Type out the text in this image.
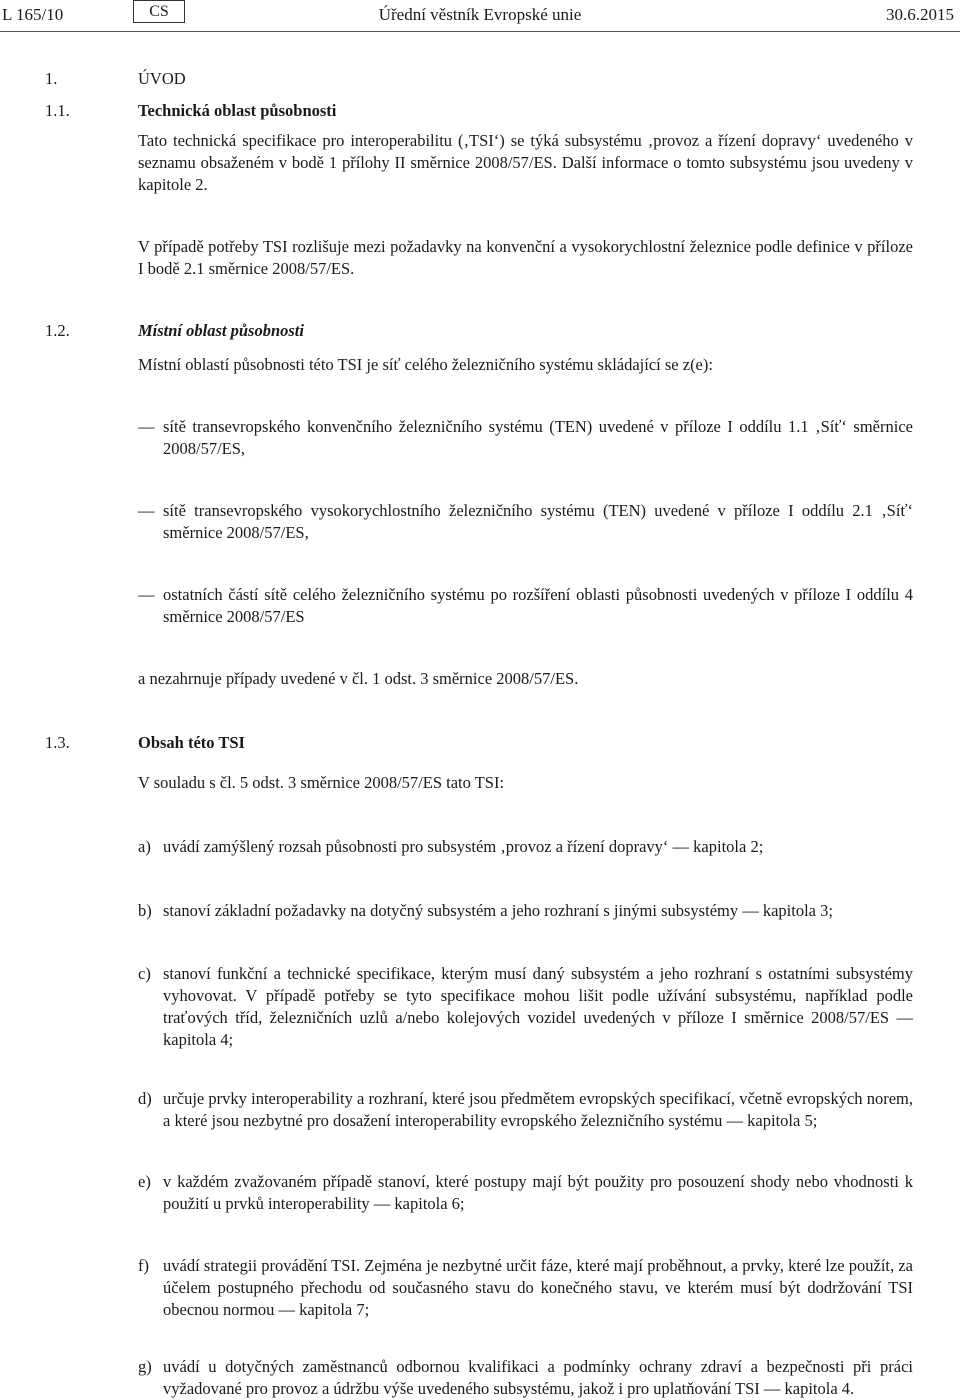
L 165/10	CS	Úřední věstník Evropské unie	30.6.2015
1.	ÚVOD
1.1.	Technická oblast působnosti
Tato technická specifikace pro interoperabilitu (‚TSI‘) se týká subsystému ‚provoz a řízení dopravy‘ uvedeného v seznamu obsaženém v bodě 1 přílohy II směrnice 2008/57/ES. Další informace o tomto subsystému jsou uvedeny v kapitole 2.
V případě potřeby TSI rozlišuje mezi požadavky na konvenční a vysokorychlostní železnice podle definice v příloze I bodě 2.1 směrnice 2008/57/ES.
1.2.	Místní oblast působnosti
Místní oblastí působnosti této TSI je síť celého železničního systému skládající se z(e):
— sítě transevropského konvenčního železničního systému (TEN) uvedené v příloze I oddílu 1.1 ‚Síť‘ směrnice 2008/57/ES,
— sítě transevropského vysokorychlostního železničního systému (TEN) uvedené v příloze I oddílu 2.1 ‚Síť‘ směrnice 2008/57/ES,
— ostatních částí sítě celého železničního systému po rozšíření oblasti působnosti uvedených v příloze I oddílu 4 směrnice 2008/57/ES
a nezahrnuje případy uvedené v čl. 1 odst. 3 směrnice 2008/57/ES.
1.3.	Obsah této TSI
V souladu s čl. 5 odst. 3 směrnice 2008/57/ES tato TSI:
a) uvádí zamýšlený rozsah působnosti pro subsystém ‚provoz a řízení dopravy‘ — kapitola 2;
b) stanoví základní požadavky na dotyčný subsystém a jeho rozhraní s jinými subsystémy — kapitola 3;
c) stanoví funkční a technické specifikace, kterým musí daný subsystém a jeho rozhraní s ostatními subsystémy vyhovovat. V případě potřeby se tyto specifikace mohou lišit podle užívání subsystému, například podle traťových tříd, železničních uzlů a/nebo kolejových vozidel uvedených v příloze I směrnice 2008/57/ES — kapitola 4;
d) určuje prvky interoperability a rozhraní, které jsou předmětem evropských specifikací, včetně evropských norem, a které jsou nezbytné pro dosažení interoperability evropského železničního systému — kapitola 5;
e) v každém zvažovaném případě stanoví, které postupy mají být použity pro posouzení shody nebo vhodnosti k použití u prvků interoperability — kapitola 6;
f) uvádí strategii provádění TSI. Zejména je nezbytné určit fáze, které mají proběhnout, a prvky, které lze použít, za účelem postupného přechodu od současného stavu do konečného stavu, ve kterém musí být dodržování TSI obecnou normou — kapitola 7;
g) uvádí u dotyčných zaměstnanců odbornou kvalifikaci a podmínky ochrany zdraví a bezpečnosti při práci vyžadované pro provoz a údržbu výše uvedeného subsystému, jakož i pro uplatňování TSI — kapitola 4.
